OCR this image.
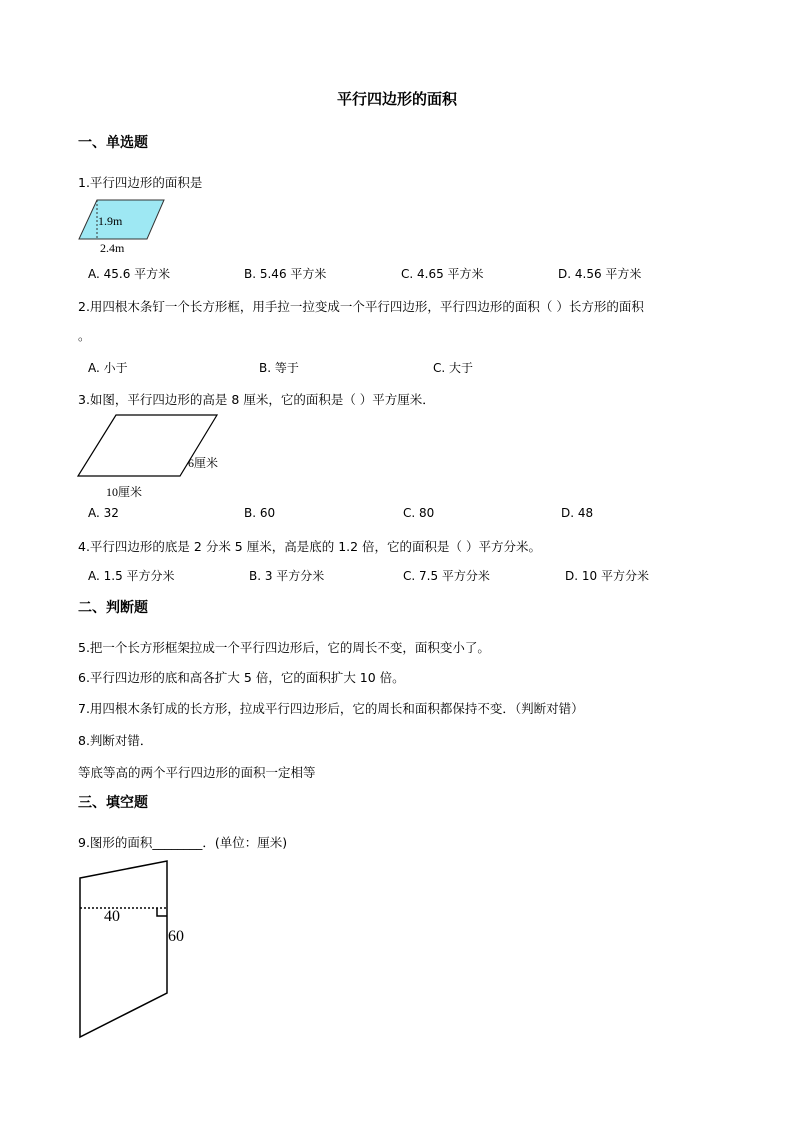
平行四边形的面积
一、单选题
1.平行四边形的面积是
1.9m
2.4m
A. 45.6 平方米	B. 5.46 平方米	C. 4.65 平方米	D. 4.56 平方米
2.用四根木条钉一个长方形框，用手拉一拉变成一个平行四边形，平行四边形的面积（ ）长方形的面积
。
A. 小于	B. 等于	C. 大于
3.如图，平行四边形的高是 8 厘米，它的面积是（ ）平方厘米．
6厘米
10厘米
A. 32	B. 60	C. 80	D. 48
4.平行四边形的底是 2 分米 5 厘米，高是底的 1.2 倍，它的面积是（ ）平方分米。
A. 1.5 平方分米	B. 3 平方分米	C. 7.5 平方分米	D. 10 平方分米
二、判断题
5.把一个长方形框架拉成一个平行四边形后，它的周长不变，面积变小了。
6.平行四边形的底和高各扩大 5 倍，它的面积扩大 10 倍。
7.用四根木条钉成的长方形，拉成平行四边形后，它的周长和面积都保持不变．（判断对错）
8.判断对错．
等底等高的两个平行四边形的面积一定相等
三、填空题
9.图形的面积________．(单位：厘米)
40
60
